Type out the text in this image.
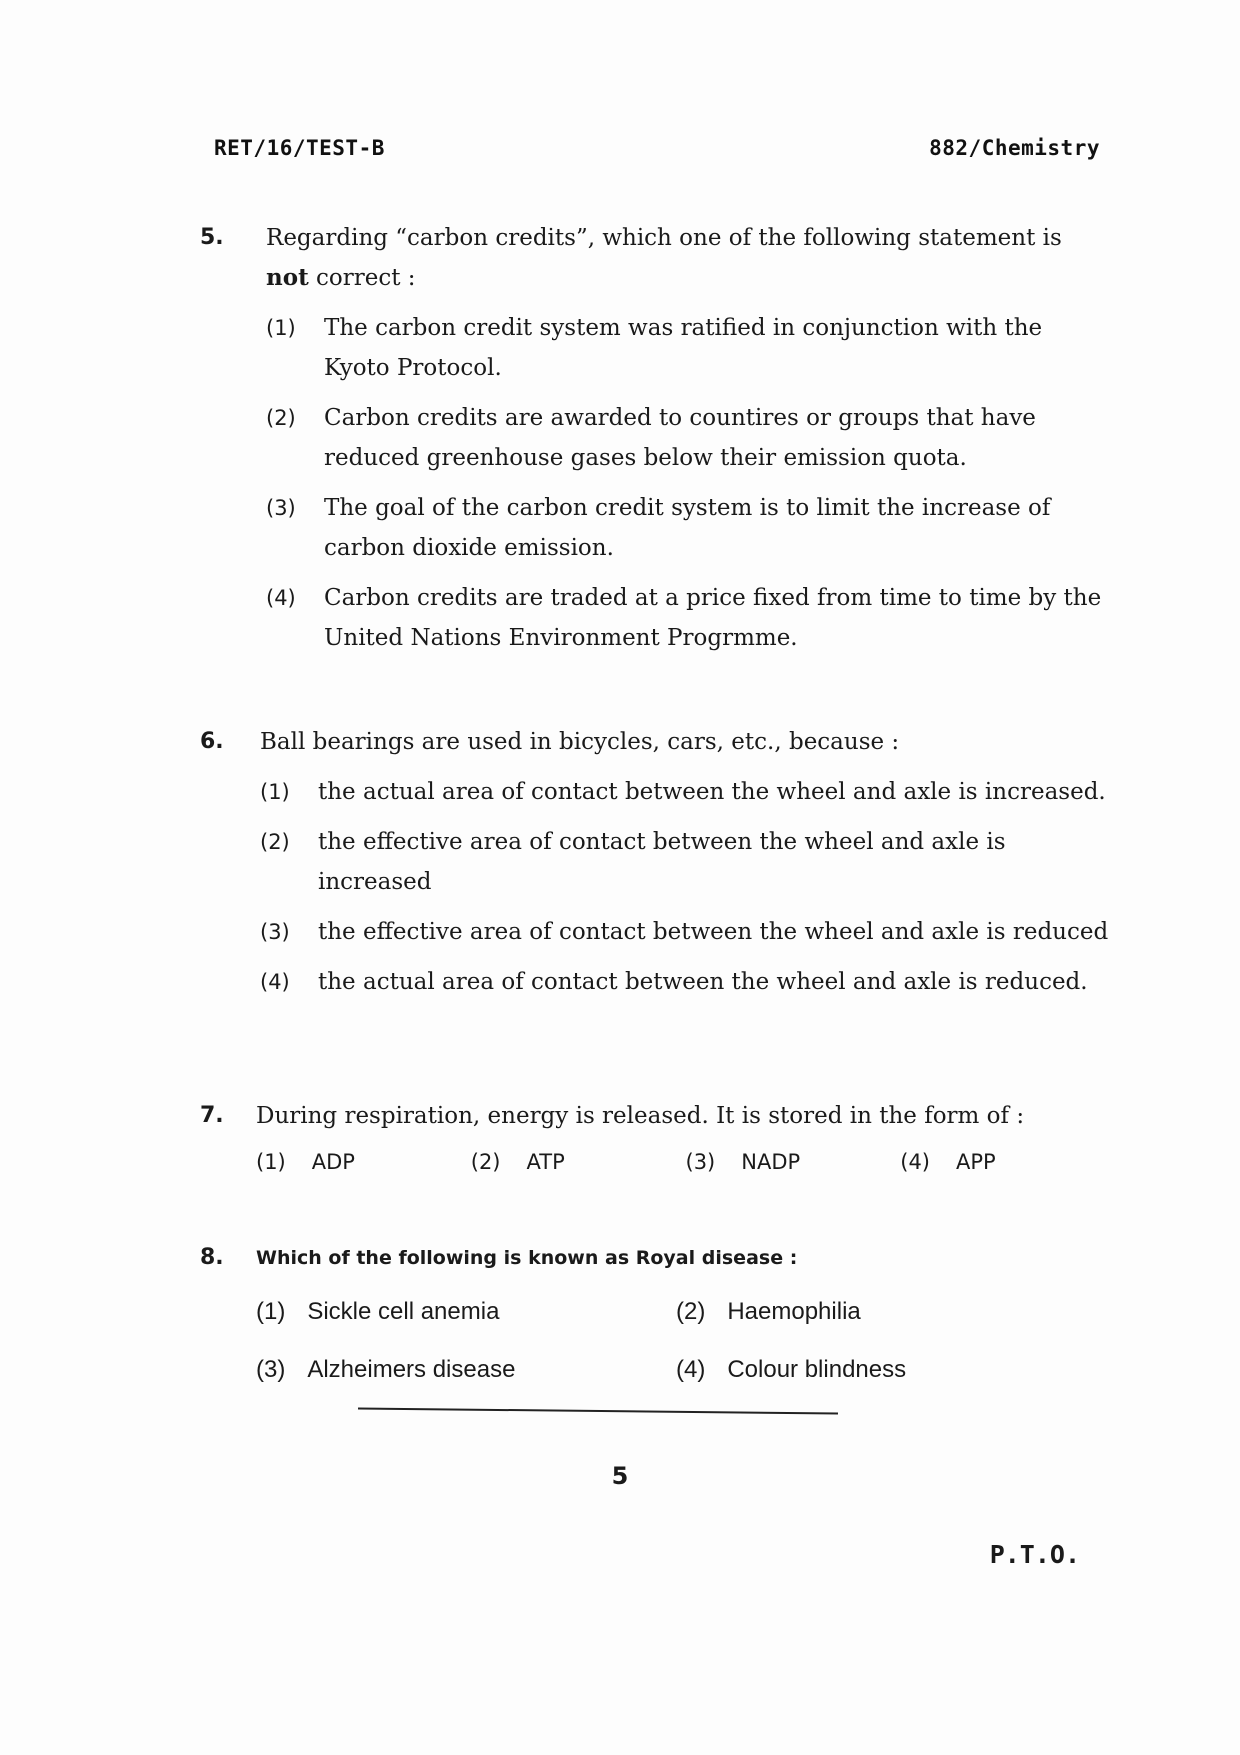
RET/16/TEST-B	882/Chemistry
5. Regarding “carbon credits”, which one of the following statement is
not correct :
(1) The carbon credit system was ratified in conjunction with the Kyoto Protocol.
(2) Carbon credits are awarded to countires or groups that have reduced greenhouse gases below their emission quota.
(3) The goal of the carbon credit system is to limit the increase of carbon dioxide emission.
(4) Carbon credits are traded at a price fixed from time to time by the United Nations Environment Progrmme.
6. Ball bearings are used in bicycles, cars, etc., because :
(1) the actual area of contact between the wheel and axle is increased.
(2) the effective area of contact between the wheel and axle is increased
(3) the effective area of contact between the wheel and axle is reduced
(4) the actual area of contact between the wheel and axle is reduced.
7. During respiration, energy is released. It is stored in the form of :
(1) ADP	(2) ATP	(3) NADP	(4) APP
8. Which of the following is known as Royal disease :
(1) Sickle cell anemia	(2) Haemophilia
(3) Alzheimers disease	(4) Colour blindness
5
P.T.O.
